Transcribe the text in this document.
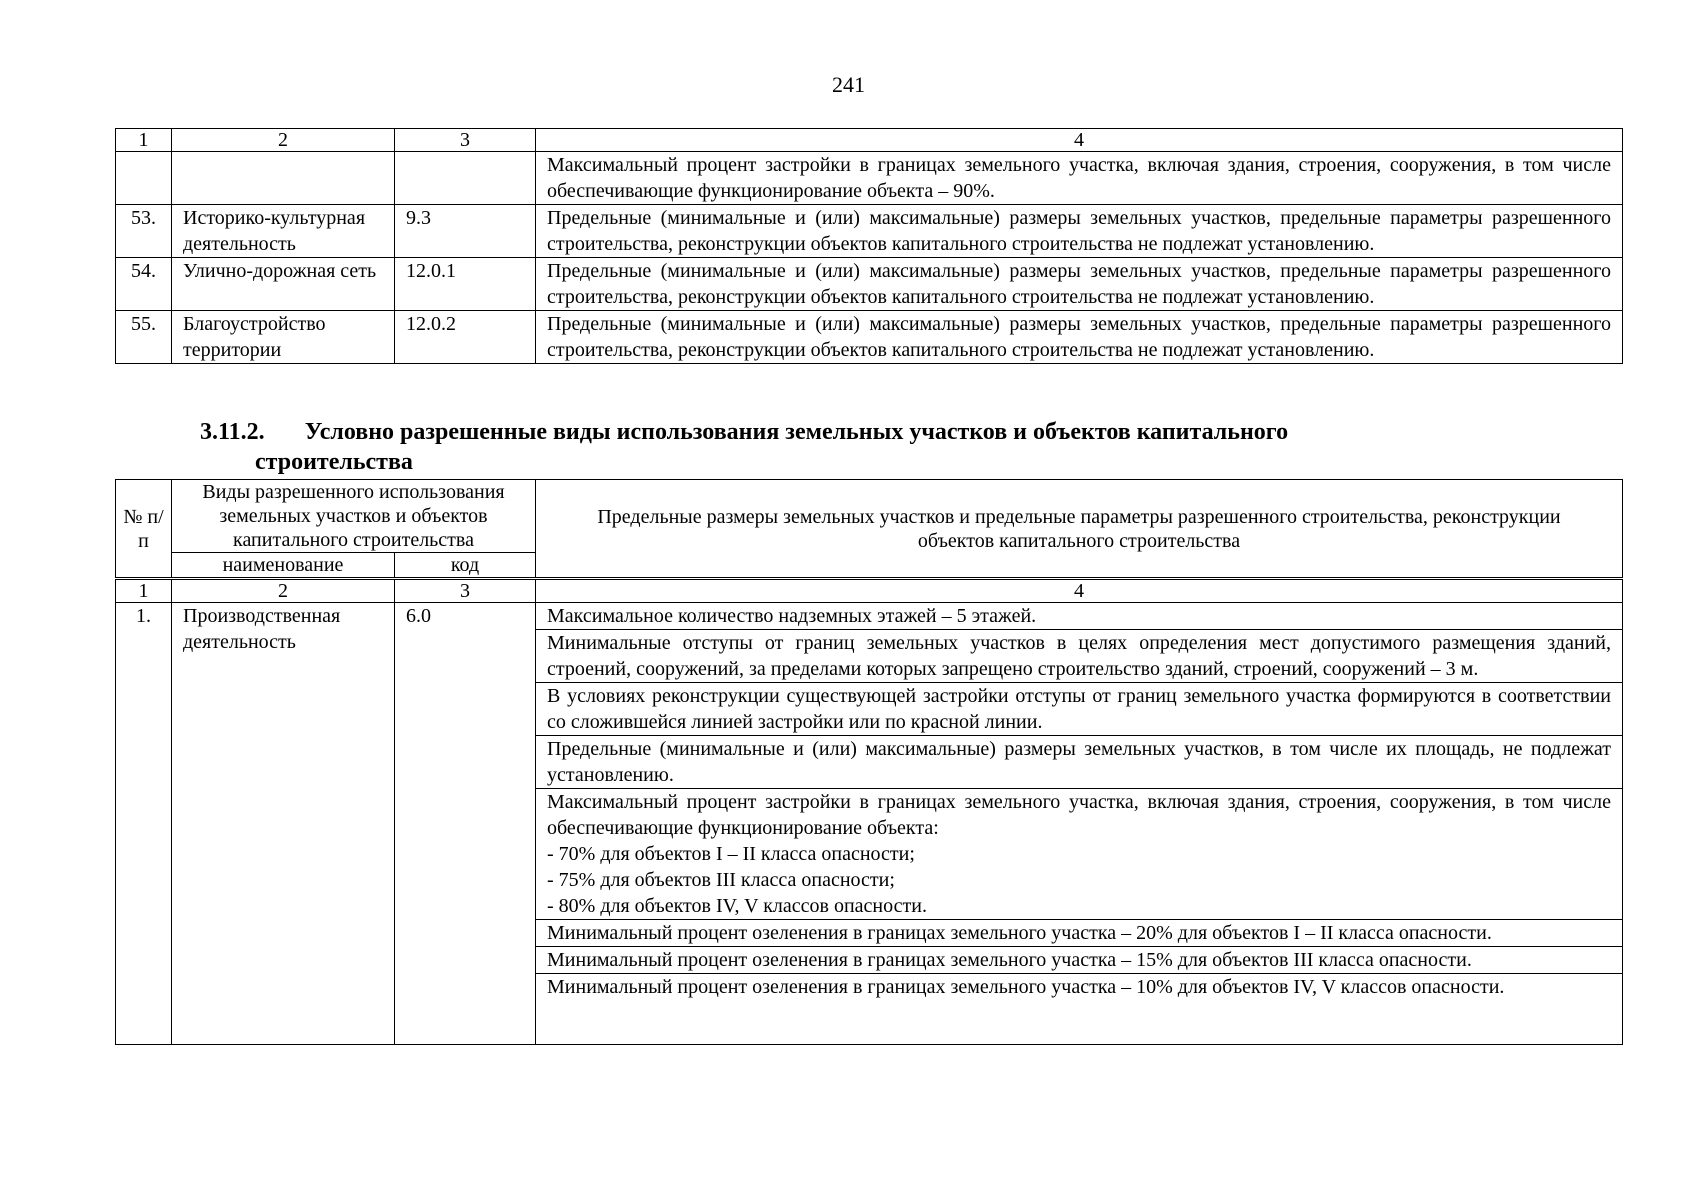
241
1	2	3	4
			Максимальный процент застройки в границах земельного участка, включая здания, строения, сооружения, в том числе обеспечивающие функционирование объекта – 90%.
53.	Историко-культурная деятельность	9.3	Предельные (минимальные и (или) максимальные) размеры земельных участков, предельные параметры разрешенного строительства, реконструкции объектов капитального строительства не подлежат установлению.
54.	Улично-дорожная сеть	12.0.1	Предельные (минимальные и (или) максимальные) размеры земельных участков, предельные параметры разрешенного строительства, реконструкции объектов капитального строительства не подлежат установлению.
55.	Благоустройство территории	12.0.2	Предельные (минимальные и (или) максимальные) размеры земельных участков, предельные параметры разрешенного строительства, реконструкции объектов капитального строительства не подлежат установлению.
3.11.2. Условно разрешенные виды использования земельных участков и объектов капитального
строительства
№ п/п	Виды разрешенного использования земельных участков и объектов капитального строительства		Предельные размеры земельных участков и предельные параметры разрешенного строительства, реконструкции объектов капитального строительства
	наименование	код	
1	2	3	4
1.	Производственная деятельность	6.0	Максимальное количество надземных этажей – 5 этажей.
			Минимальные отступы от границ земельных участков в целях определения мест допустимого размещения зданий, строений, сооружений, за пределами которых запрещено строительство зданий, строений, сооружений – 3 м.
			В условиях реконструкции существующей застройки отступы от границ земельного участка формируются в соответствии со сложившейся линией застройки или по красной линии.
			Предельные (минимальные и (или) максимальные) размеры земельных участков, в том числе их площадь, не подлежат установлению.

			Максимальный процент застройки в границах земельного участка, включая здания, строения, сооружения, в том числе обеспечивающие функционирование объекта:
- 70% для объектов I – II класса опасности;
- 75% для объектов III класса опасности;
- 80% для объектов IV, V классов опасности.

			Минимальный процент озеленения в границах земельного участка – 20% для объектов I – II класса опасности.
			Минимальный процент озеленения в границах земельного участка – 15% для объектов III класса опасности.
			Минимальный процент озеленения в границах земельного участка – 10% для объектов IV, V классов опасности.
